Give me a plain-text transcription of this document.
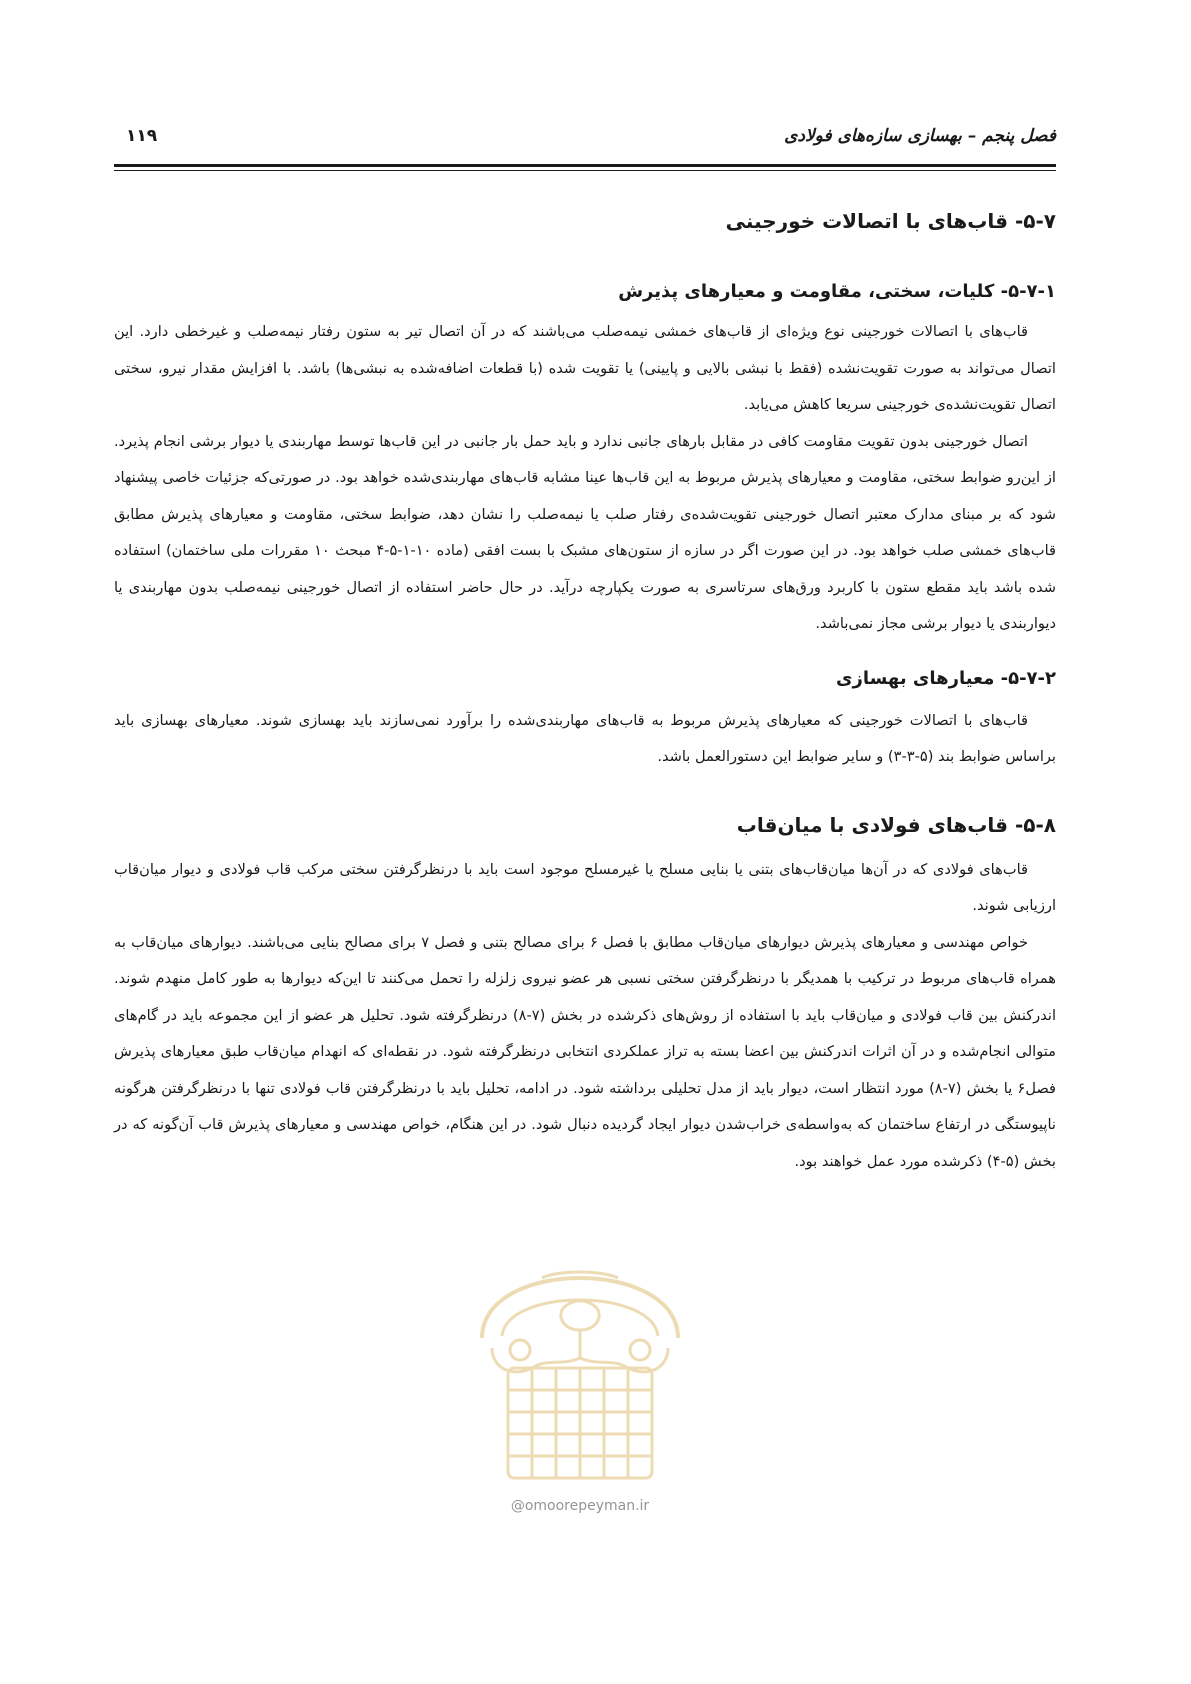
فصل پنجم – بهسازی سازه‌های فولادی
۱۱۹
۵-۷- قاب‌های با اتصالات خورجینی
۵-۷-۱- کلیات، سختی، مقاومت و معیارهای پذیرش

قاب‌های با اتصالات خورجینی نوع ویژه‌ای از قاب‌های خمشی نیمه‌صلب می‌باشند که در آن اتصال تیر به ستون رفتار نیمه‌صلب و غیرخطی دارد. این اتصال می‌تواند به صورت تقویت‌نشده (فقط با نبشی بالایی و پایینی) یا تقویت شده (با قطعات اضافه‌شده به نبشی‌ها) باشد. با افزایش مقدار نیرو، سختی اتصال تقویت‌نشده‌ی خورجینی سریعا کاهش می‌یابد.

اتصال خورجینی بدون تقویت مقاومت کافی در مقابل بارهای جانبی ندارد و باید حمل بار جانبی در این قاب‌ها توسط مهاربندی یا دیوار برشی انجام پذیرد. از این‌رو ضوابط سختی، مقاومت و معیارهای پذیرش مربوط به این قاب‌ها عینا مشابه قاب‌های مهاربندی‌شده خواهد بود. در صورتی‌که جزئیات خاصی پیشنهاد شود که بر مبنای مدارک معتبر اتصال خورجینی تقویت‌شده‌ی رفتار صلب یا نیمه‌صلب را نشان دهد، ضوابط سختی، مقاومت و معیارهای پذیرش مطابق قاب‌های خمشی صلب خواهد بود. در این صورت اگر در سازه از ستون‌های مشبک با بست افقی (ماده ۱۰-۱-۵-۴ مبحث ۱۰ مقررات ملی ساختمان) استفاده شده باشد باید مقطع ستون با کاربرد ورق‌های سرتاسری به صورت یکپارچه درآید. در حال حاضر استفاده از اتصال خورجینی نیمه‌صلب بدون مهاربندی یا دیواربندی یا دیوار برشی مجاز نمی‌باشد.

۵-۷-۲- معیارهای بهسازی

قاب‌های با اتصالات خورجینی که معیارهای پذیرش مربوط به قاب‌های مهاربندی‌شده را برآورد نمی‌سازند باید بهسازی شوند. معیارهای بهسازی باید براساس ضوابط بند (۵-۳-۳) و سایر ضوابط این دستورالعمل باشد.

۵-۸- قاب‌های فولادی با میان‌قاب

قاب‌های فولادی که در آن‌ها میان‌قاب‌های بتنی یا بنایی مسلح یا غیرمسلح موجود است باید با درنظرگرفتن سختی مرکب قاب فولادی و دیوار میان‌قاب ارزیابی شوند.

خواص مهندسی و معیارهای پذیرش دیوارهای میان‌قاب مطابق با فصل ۶ برای مصالح بتنی و فصل ۷ برای مصالح بنایی می‌باشند. دیوارهای میان‌قاب به همراه قاب‌های مربوط در ترکیب با همدیگر با درنظرگرفتن سختی نسبی هر عضو نیروی زلزله را تحمل می‌کنند تا این‌که دیوارها به طور کامل منهدم شوند. اندرکنش بین قاب فولادی و میان‌قاب باید با استفاده از روش‌های ذکرشده در بخش (۷-۸) درنظرگرفته شود. تحلیل هر عضو از این مجموعه باید در گام‌های متوالی انجام‌شده و در آن اثرات اندرکنش بین اعضا بسته به تراز عملکردی انتخابی درنظرگرفته شود. در نقطه‌ای که انهدام میان‌قاب طبق معیارهای پذیرش فصل۶ یا بخش (۷-۸) مورد انتظار است، دیوار باید از مدل تحلیلی برداشته شود. در ادامه، تحلیل باید با درنظرگرفتن قاب فولادی تنها با درنظرگرفتن هرگونه ناپیوستگی در ارتفاع ساختمان که به‌واسطه‌ی خراب‌شدن دیوار ایجاد گردیده دنبال شود. در این هنگام، خواص مهندسی و معیارهای پذیرش قاب آن‌گونه که در بخش (۵-۴) ذکرشده مورد عمل خواهند بود.

@omoorepeyman.ir
